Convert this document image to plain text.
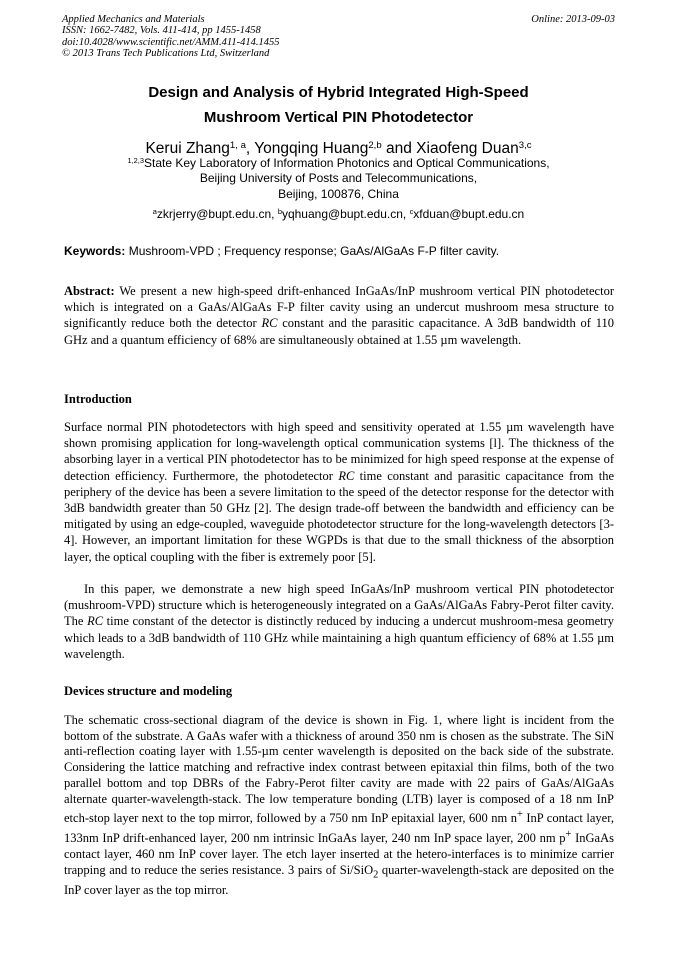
Applied Mechanics and Materials
ISSN: 1662-7482, Vols. 411-414, pp 1455-1458
doi:10.4028/www.scientific.net/AMM.411-414.1455
© 2013 Trans Tech Publications Ltd, Switzerland
Online: 2013-09-03
Design and Analysis of Hybrid Integrated High-Speed
Mushroom Vertical PIN Photodetector
Kerui Zhang$^{1, a}$, Yongqing Huang$^{2,b}$ and Xiaofeng Duan$^{3,c}$
$^{1,2,3}$State Key Laboratory of Information Photonics and Optical Communications,
Beijing University of Posts and Telecommunications,
Beijing, 100876, China
$^a$zkrjerry@bupt.edu.cn, $^b$yqhuang@bupt.edu.cn, $^c$xfduan@bupt.edu.cn
Keywords: Mushroom-VPD ; Frequency response; GaAs/AlGaAs F-P filter cavity.
Abstract: We present a new high-speed drift-enhanced InGaAs/InP mushroom vertical PIN photodetector which is integrated on a GaAs/AlGaAs F-P filter cavity using an undercut mushroom mesa structure to significantly reduce both the detector RC constant and the parasitic capacitance. A 3dB bandwidth of 110 GHz and a quantum efficiency of 68% are simultaneously obtained at 1.55 µm wavelength.
Introduction
Surface normal PIN photodetectors with high speed and sensitivity operated at 1.55 µm wavelength have shown promising application for long-wavelength optical communication systems [l]. The thickness of the absorbing layer in a vertical PIN photodetector has to be minimized for high speed response at the expense of detection efficiency. Furthermore, the photodetector RC time constant and parasitic capacitance from the periphery of the device has been a severe limitation to the speed of the detector response for the detector with 3dB bandwidth greater than 50 GHz [2]. The design trade-off between the bandwidth and efficiency can be mitigated by using an edge-coupled, waveguide photodetector structure for the long-wavelength detectors [3-4]. However, an important limitation for these WGPDs is that due to the small thickness of the absorption layer, the optical coupling with the fiber is extremely poor [5].
In this paper, we demonstrate a new high speed InGaAs/InP mushroom vertical PIN photodetector (mushroom-VPD) structure which is heterogeneously integrated on a GaAs/AlGaAs Fabry-Perot filter cavity. The RC time constant of the detector is distinctly reduced by inducing a undercut mushroom-mesa geometry which leads to a 3dB bandwidth of 110 GHz while maintaining a high quantum efficiency of 68% at 1.55 µm wavelength.
Devices structure and modeling
The schematic cross-sectional diagram of the device is shown in Fig. 1, where light is incident from the bottom of the substrate. A GaAs wafer with a thickness of around 350 nm is chosen as the substrate. The SiN anti-reflection coating layer with 1.55-µm center wavelength is deposited on the back side of the substrate. Considering the lattice matching and refractive index contrast between epitaxial thin films, both of the two parallel bottom and top DBRs of the Fabry-Perot filter cavity are made with 22 pairs of GaAs/AlGaAs alternate quarter-wavelength-stack. The low temperature bonding (LTB) layer is composed of a 18 nm InP etch-stop layer next to the top mirror, followed by a 750 nm InP epitaxial layer, 600 nm n+ InP contact layer, 133nm InP drift-enhanced layer, 200 nm intrinsic InGaAs layer, 240 nm InP space layer, 200 nm p+ InGaAs contact layer, 460 nm InP cover layer. The etch layer inserted at the hetero-interfaces is to minimize carrier trapping and to reduce the series resistance. 3 pairs of Si/SiO$_2$ quarter-wavelength-stack are deposited on the InP cover layer as the top mirror.
